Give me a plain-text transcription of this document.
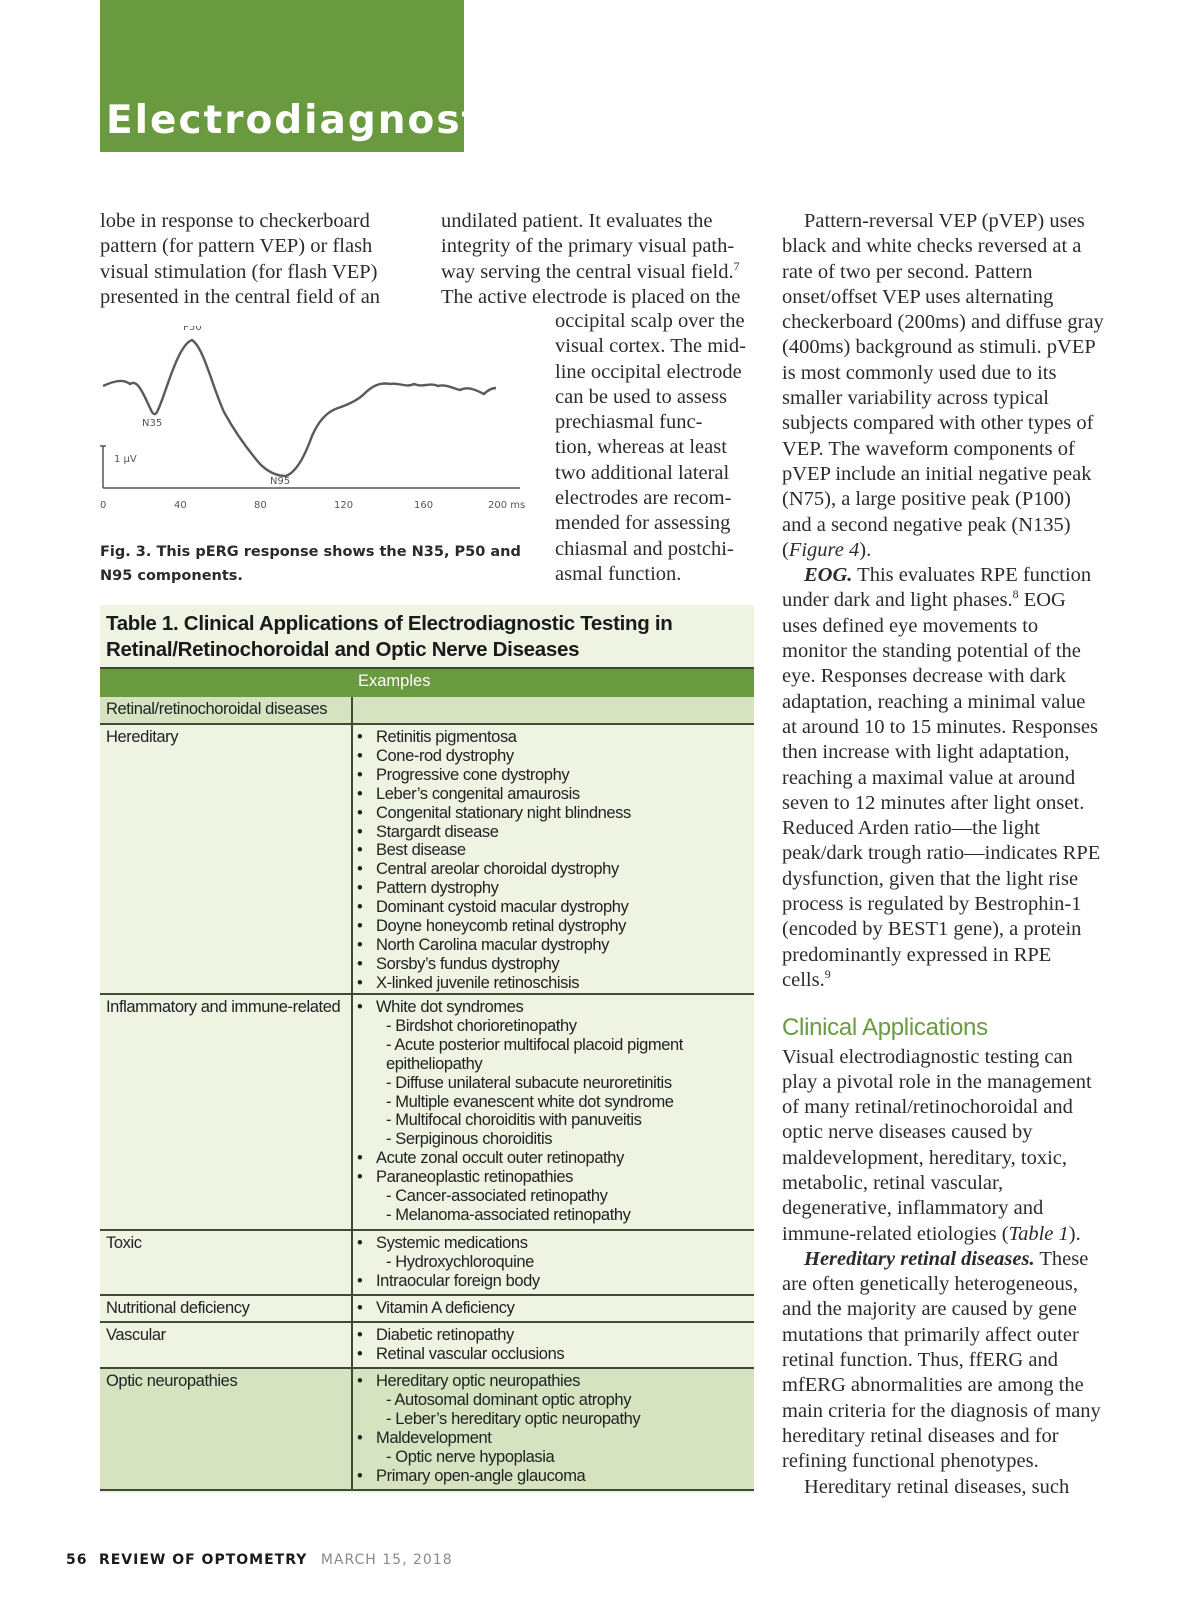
Electrodiagnostics
lobe in response to checkerboard
pattern (for pattern VEP) or flash
visual stimulation (for flash VEP)
presented in the central field of an
undilated patient. It evaluates the
integrity of the primary visual path-
way serving the central visual field.$^7$
The active electrode is placed on the
occipital scalp over the
visual cortex. The mid-
line occipital electrode
can be used to assess
prechiasmal func-
tion, whereas at least
two additional lateral
electrodes are recom-
mended for assessing
chiasmal and postchi-
asmal function.
P50
N35
N95
1 µV
0	40	80	120	160	200 ms
Fig. 3. This pERG response shows the N35, P50 and N95 components.
Table 1. Clinical Applications of Electrodiagnostic Testing in Retinal/Retinochoroidal and Optic Nerve Diseases
Examples
Retinal/retinochoroidal diseases
Hereditary	• Retinitis pigmentosa
• Cone-rod dystrophy
• Progressive cone dystrophy
• Leber’s congenital amaurosis
• Congenital stationary night blindness
• Stargardt disease
• Best disease
• Central areolar choroidal dystrophy
• Pattern dystrophy
• Dominant cystoid macular dystrophy
• Doyne honeycomb retinal dystrophy
• North Carolina macular dystrophy
• Sorsby’s fundus dystrophy
• X-linked juvenile retinoschisis
Inflammatory and immune-related	• White dot syndromes
- Birdshot chorioretinopathy
- Acute posterior multifocal placoid pigment
epitheliopathy
- Diffuse unilateral subacute neuroretinitis
- Multiple evanescent white dot syndrome
- Multifocal choroiditis with panuveitis
- Serpiginous choroiditis
• Acute zonal occult outer retinopathy
• Paraneoplastic retinopathies
- Cancer-associated retinopathy
- Melanoma-associated retinopathy
Toxic	• Systemic medications
- Hydroxychloroquine
• Intraocular foreign body
Nutritional deficiency	• Vitamin A deficiency
Vascular	• Diabetic retinopathy
• Retinal vascular occlusions
Optic neuropathies	• Hereditary optic neuropathies
- Autosomal dominant optic atrophy
- Leber’s hereditary optic neuropathy
• Maldevelopment
- Optic nerve hypoplasia
• Primary open-angle glaucoma

Pattern-reversal VEP (pVEP) uses black and white checks reversed at a rate of two per second. Pattern onset/offset VEP uses alternating checkerboard (200ms) and diffuse gray (400ms) background as stimuli. pVEP is most commonly used due to its smaller variability across typical subjects compared with other types of VEP. The waveform components of pVEP include an initial negative peak (N75), a large positive peak (P100) and a second negative peak (N135) (Figure 4).

EOG. This evaluates RPE function under dark and light phases.$^8$ EOG uses defined eye movements to monitor the standing potential of the eye. Responses decrease with dark adaptation, reaching a minimal value at around 10 to 15 minutes. Responses then increase with light adaptation, reaching a maximal value at around seven to 12 minutes after light onset. Reduced Arden ratio—the light peak/dark trough ratio—indicates RPE dysfunction, given that the light rise process is regulated by Bestrophin-1 (encoded by BEST1 gene), a protein predominantly expressed in RPE cells.$^9$

Clinical Applications

Visual electrodiagnostic testing can play a pivotal role in the management of many retinal/retinochoroidal and optic nerve diseases caused by maldevelopment, hereditary, toxic, metabolic, retinal vascular, degenerative, inflammatory and immune-related etiologies (Table 1).

Hereditary retinal diseases. These are often genetically heterogeneous, and the majority are caused by gene mutations that primarily affect outer retinal function. Thus, ffERG and mfERG abnormalities are among the main criteria for the diagnosis of many hereditary retinal diseases and for refining functional phenotypes.

Hereditary retinal diseases, such

56 REVIEW OF OPTOMETRY MARCH 15, 2018
